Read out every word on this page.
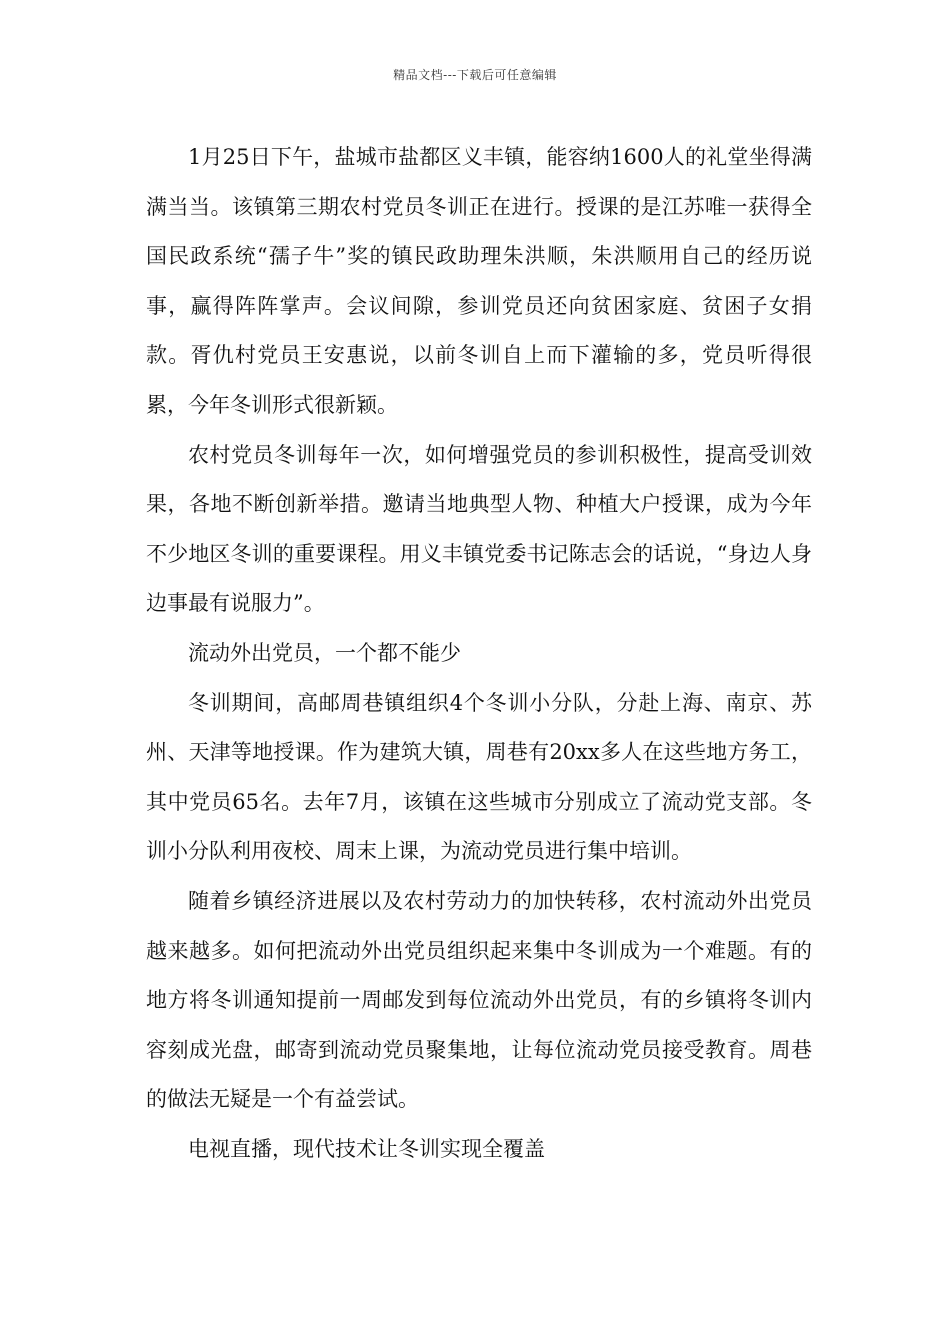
精品文档---下载后可任意编辑

1月25日下午，盐城市盐都区义丰镇，能容纳1600人的礼堂坐得满满当当。该镇第三期农村党员冬训正在进行。授课的是江苏唯一获得全国民政系统“孺子牛”奖的镇民政助理朱洪顺，朱洪顺用自己的经历说事，赢得阵阵掌声。会议间隙，参训党员还向贫困家庭、贫困子女捐款。胥仇村党员王安惠说，以前冬训自上而下灌输的多，党员听得很累，今年冬训形式很新颖。

农村党员冬训每年一次，如何增强党员的参训积极性，提高受训效果，各地不断创新举措。邀请当地典型人物、种植大户授课，成为今年不少地区冬训的重要课程。用义丰镇党委书记陈志会的话说，“身边人身边事最有说服力”。

流动外出党员，一个都不能少

冬训期间，高邮周巷镇组织4个冬训小分队，分赴上海、南京、苏州、天津等地授课。作为建筑大镇，周巷有20xx多人在这些地方务工，其中党员65名。去年7月，该镇在这些城市分别成立了流动党支部。冬训小分队利用夜校、周末上课，为流动党员进行集中培训。

随着乡镇经济进展以及农村劳动力的加快转移，农村流动外出党员越来越多。如何把流动外出党员组织起来集中冬训成为一个难题。有的地方将冬训通知提前一周邮发到每位流动外出党员，有的乡镇将冬训内容刻成光盘，邮寄到流动党员聚集地，让每位流动党员接受教育。周巷的做法无疑是一个有益尝试。

电视直播，现代技术让冬训实现全覆盖
